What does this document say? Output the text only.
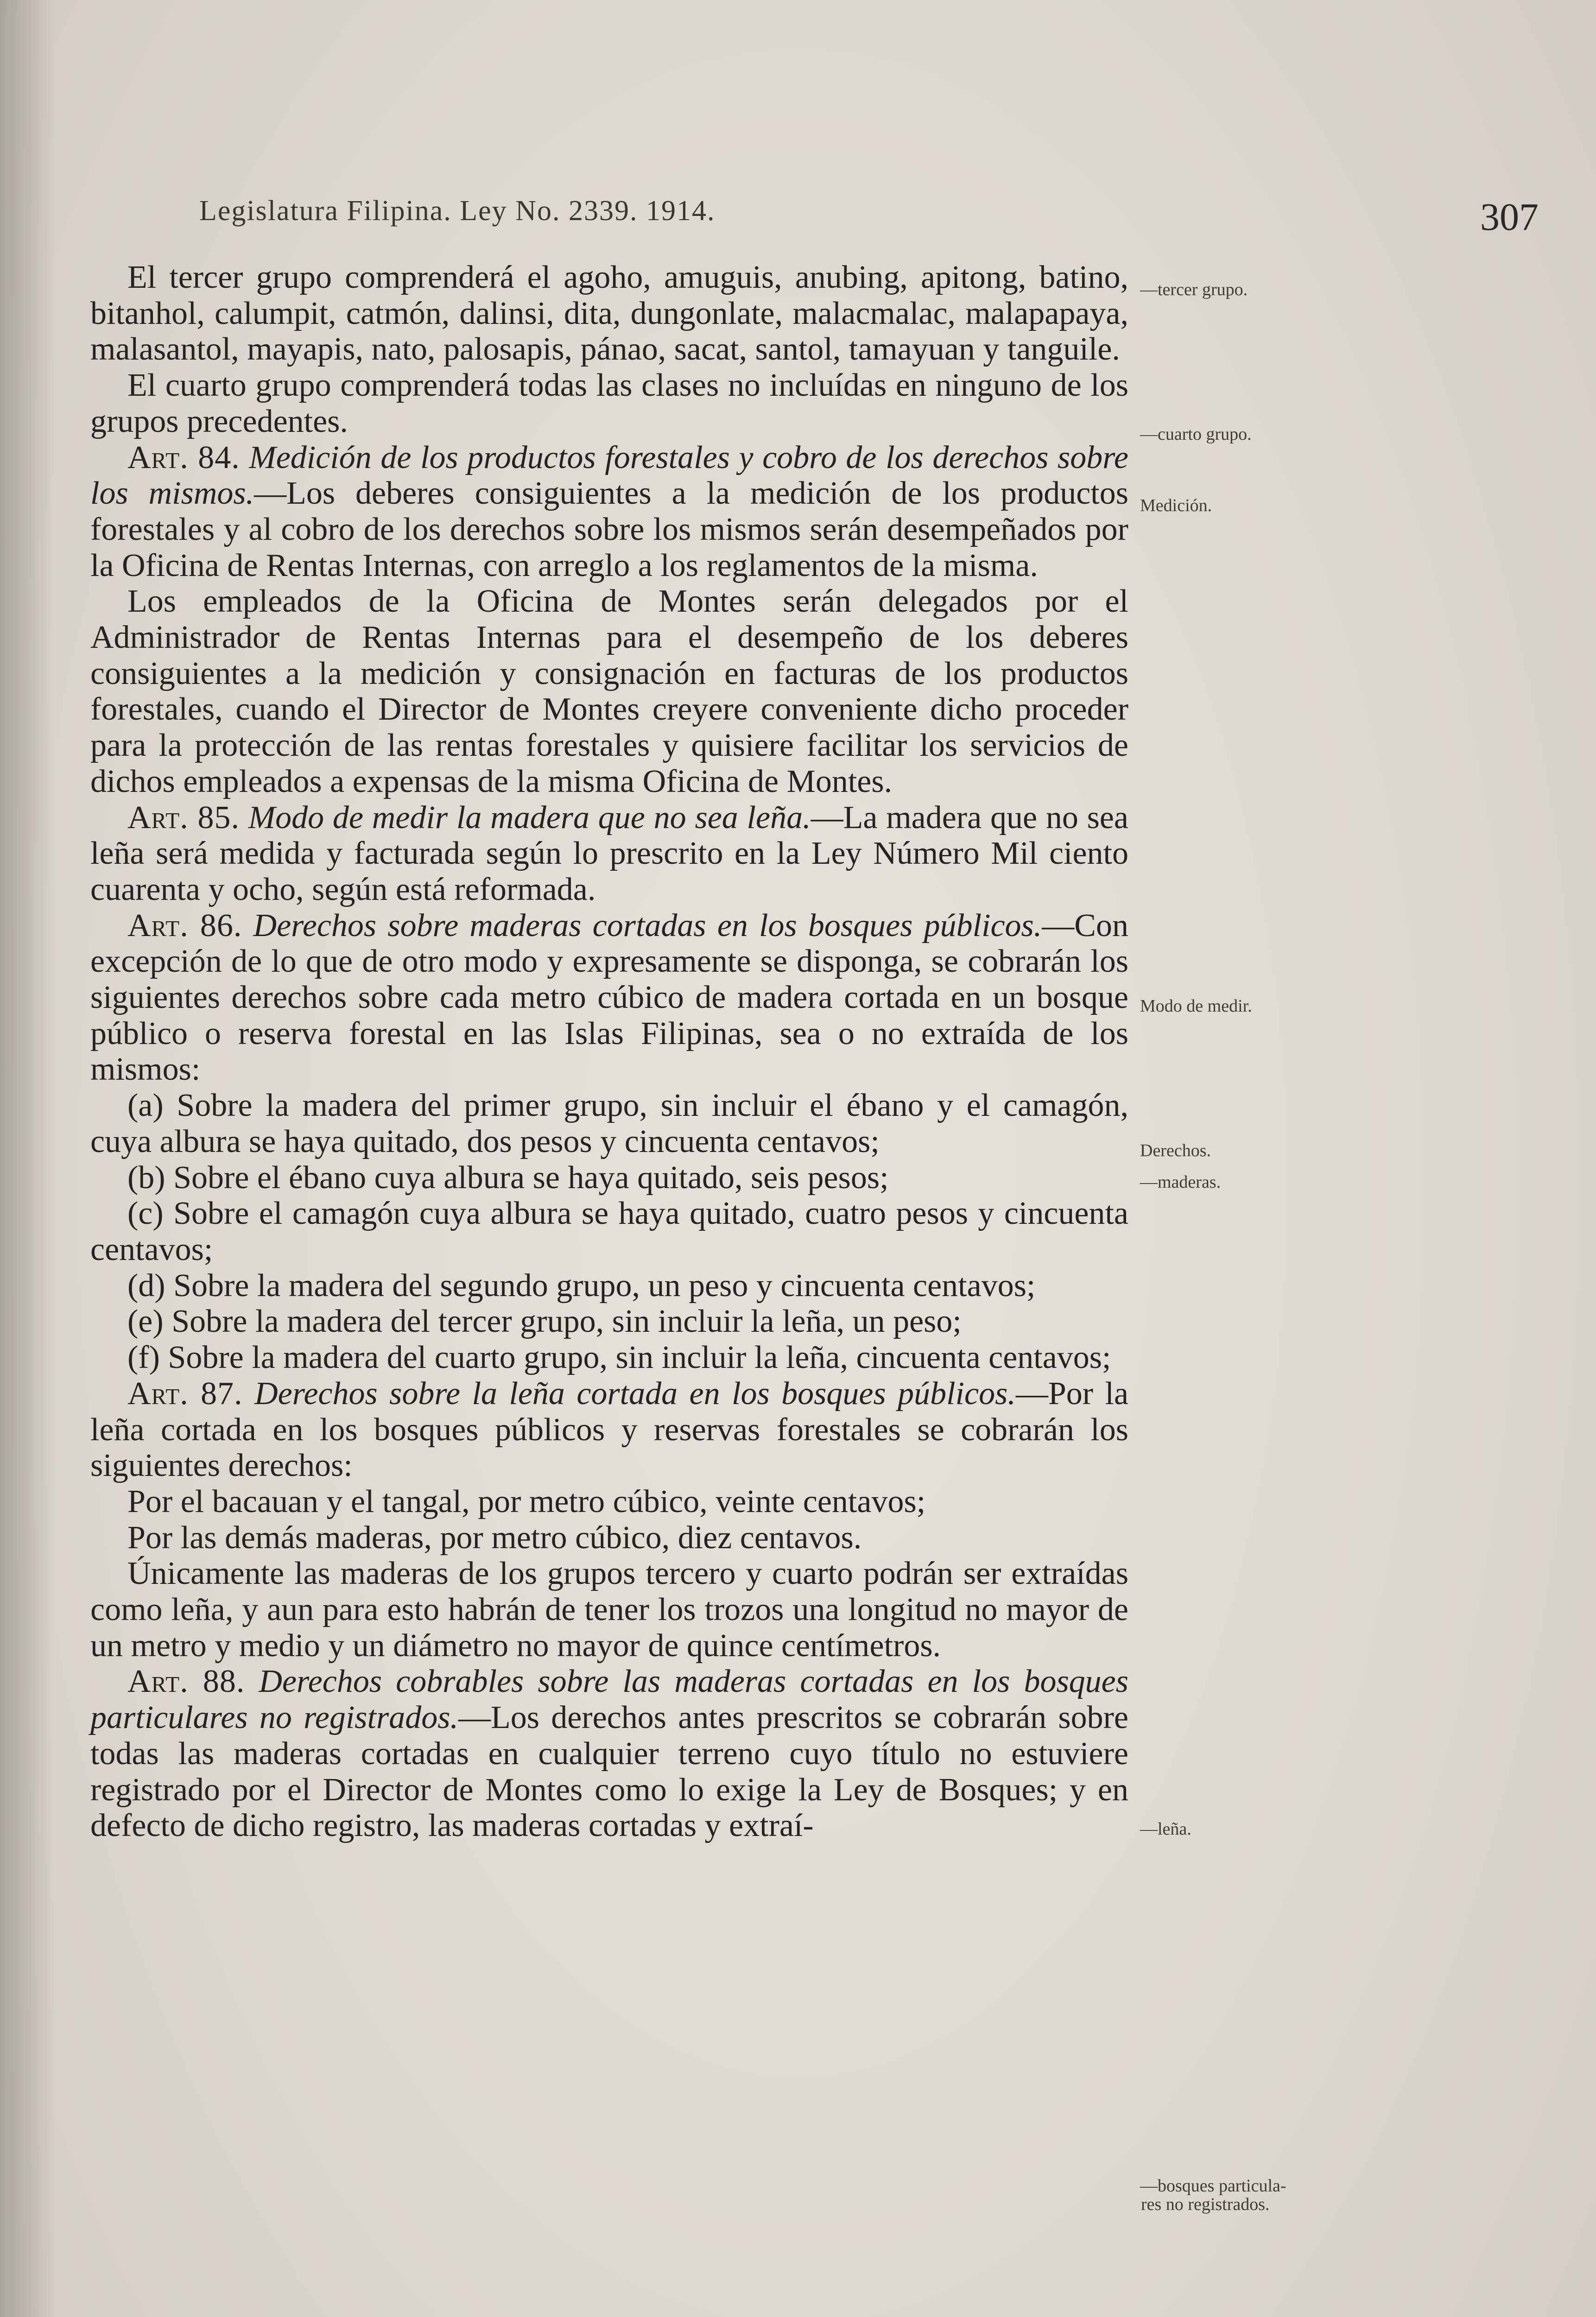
Legislatura Filipina. Ley No. 2339. 1914.	307

El tercer grupo comprenderá el agoho, amuguis, anubing, apitong, batino, bitanhol, calumpit, catmón, dalinsi, dita, dungonlate, malacmalac, malapapaya, malasantol, mayapis, nato, palosapis, pánao, sacat, santol, tamayuan y tanguile.

El cuarto grupo comprenderá todas las clases no incluídas en ninguno de los grupos precedentes.

Art. 84. Medición de los productos forestales y cobro de los derechos sobre los mismos.—Los deberes consiguientes a la medición de los productos forestales y al cobro de los derechos sobre los mismos serán desempeñados por la Oficina de Rentas Internas, con arreglo a los reglamentos de la misma.

Los empleados de la Oficina de Montes serán delegados por el Administrador de Rentas Internas para el desempeño de los deberes consiguientes a la medición y consignación en facturas de los productos forestales, cuando el Director de Montes creyere conveniente dicho proceder para la protección de las rentas forestales y quisiere facilitar los servicios de dichos empleados a expensas de la misma Oficina de Montes.

Art. 85. Modo de medir la madera que no sea leña.—La madera que no sea leña será medida y facturada según lo prescrito en la Ley Número Mil ciento cuarenta y ocho, según está reformada.

Art. 86. Derechos sobre maderas cortadas en los bosques públicos.—Con excepción de lo que de otro modo y expresamente se disponga, se cobrarán los siguientes derechos sobre cada metro cúbico de madera cortada en un bosque público o reserva forestal en las Islas Filipinas, sea o no extraída de los mismos:

(a) Sobre la madera del primer grupo, sin incluir el ébano y el camagón, cuya albura se haya quitado, dos pesos y cincuenta centavos;

(b) Sobre el ébano cuya albura se haya quitado, seis pesos;

(c) Sobre el camagón cuya albura se haya quitado, cuatro pesos y cincuenta centavos;

(d) Sobre la madera del segundo grupo, un peso y cincuenta centavos;

(e) Sobre la madera del tercer grupo, sin incluir la leña, un peso;

(f) Sobre la madera del cuarto grupo, sin incluir la leña, cincuenta centavos;

Art. 87. Derechos sobre la leña cortada en los bosques públicos.—Por la leña cortada en los bosques públicos y reservas forestales se cobrarán los siguientes derechos:

Por el bacauan y el tangal, por metro cúbico, veinte centavos;

Por las demás maderas, por metro cúbico, diez centavos.

Únicamente las maderas de los grupos tercero y cuarto podrán ser extraídas como leña, y aun para esto habrán de tener los trozos una longitud no mayor de un metro y medio y un diámetro no mayor de quince centímetros.

Art. 88. Derechos cobrables sobre las maderas cortadas en los bosques particulares no registrados.—Los derechos antes prescritos se cobrarán sobre todas las maderas cortadas en cualquier terreno cuyo título no estuviere registrado por el Director de Montes como lo exige la Ley de Bosques; y en defecto de dicho registro, las maderas cortadas y extraí-

—tercer grupo.
—cuarto grupo.
Medición.
Modo de medir.
Derechos.
—maderas.
—leña.
—bosques particula-
res no registrados.
